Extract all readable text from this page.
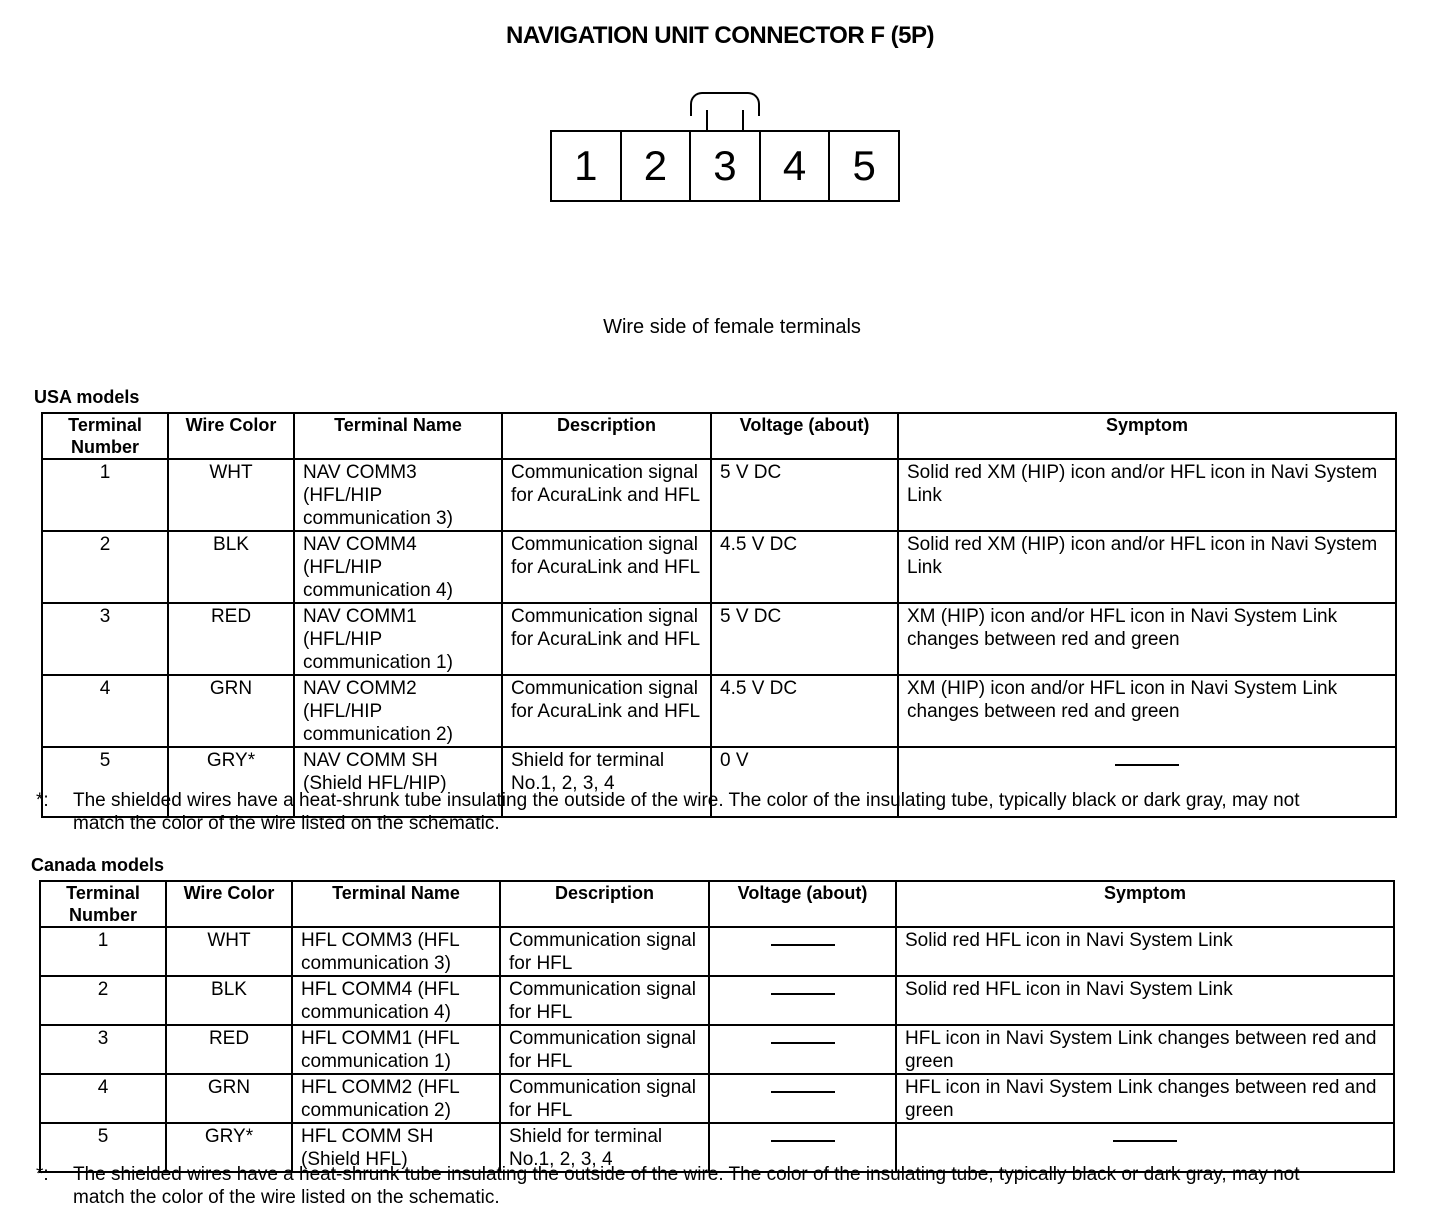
NAVIGATION UNIT CONNECTOR F (5P)
1	2	3	4	5
Wire side of female terminals
USA models
Terminal Number	Wire Color	Terminal Name	Description	Voltage (about)	Symptom
1	WHT	NAV COMM3 (HFL/HIP communication 3)	Communication signal for AcuraLink and HFL	5 V DC	Solid red XM (HIP) icon and/or HFL icon in Navi System Link
2	BLK	NAV COMM4 (HFL/HIP communication 4)	Communication signal for AcuraLink and HFL	4.5 V DC	Solid red XM (HIP) icon and/or HFL icon in Navi System Link
3	RED	NAV COMM1 (HFL/HIP communication 1)	Communication signal for AcuraLink and HFL	5 V DC	XM (HIP) icon and/or HFL icon in Navi System Link changes between red and green
4	GRN	NAV COMM2 (HFL/HIP communication 2)	Communication signal for AcuraLink and HFL	4.5 V DC	XM (HIP) icon and/or HFL icon in Navi System Link changes between red and green
5	GRY*	NAV COMM SH (Shield HFL/HIP)	Shield for terminal No.1, 2, 3, 4	0 V	
*: The shielded wires have a heat-shrunk tube insulating the outside of the wire. The color of the insulating tube, typically black or dark gray, may not match the color of the wire listed on the schematic.
Canada models
Terminal Number	Wire Color	Terminal Name	Description	Voltage (about)	Symptom
1	WHT	HFL COMM3 (HFL communication 3)	Communication signal for HFL		Solid red HFL icon in Navi System Link
2	BLK	HFL COMM4 (HFL communication 4)	Communication signal for HFL		Solid red HFL icon in Navi System Link
3	RED	HFL COMM1 (HFL communication 1)	Communication signal for HFL		HFL icon in Navi System Link changes between red and green
4	GRN	HFL COMM2 (HFL communication 2)	Communication signal for HFL		HFL icon in Navi System Link changes between red and green
5	GRY*	HFL COMM SH (Shield HFL)	Shield for terminal No.1, 2, 3, 4		
*: The shielded wires have a heat-shrunk tube insulating the outside of the wire. The color of the insulating tube, typically black or dark gray, may not match the color of the wire listed on the schematic.
